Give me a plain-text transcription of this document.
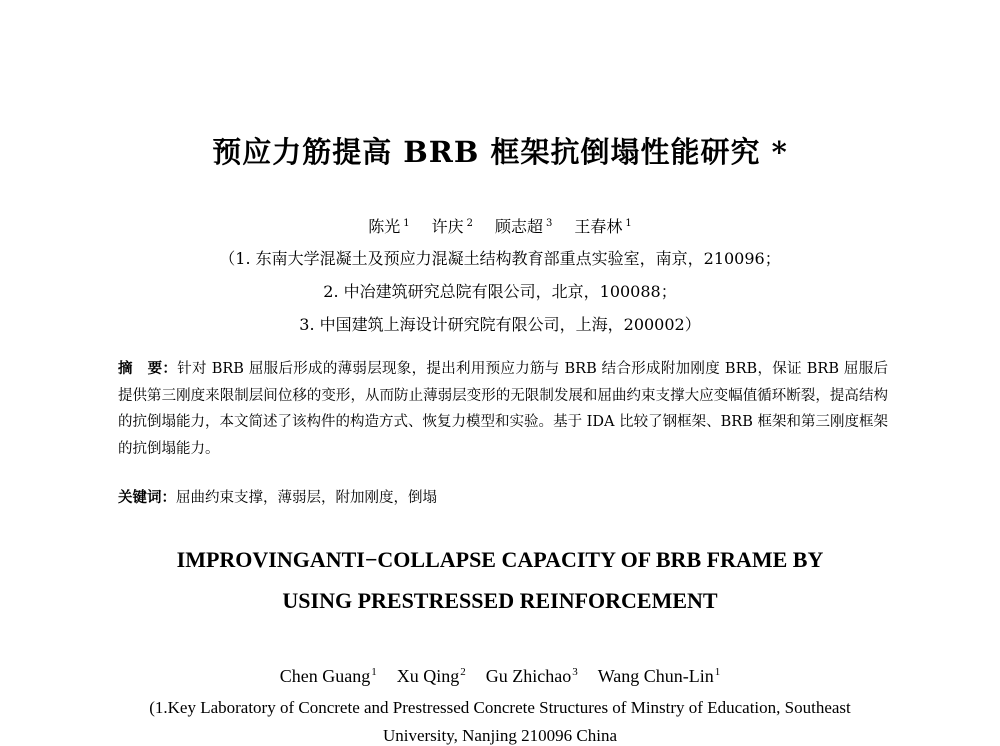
预应力筋提高 BRB 框架抗倒塌性能研究 *
陈光 $^1$ 许庆 $^2$ 顾志超 $^3$ 王春林 $^1$
（1. 东南大学混凝土及预应力混凝土结构教育部重点实验室，南京，210096；
2. 中冶建筑研究总院有限公司，北京，100088；
3. 中国建筑上海设计研究院有限公司，上海，200002）
摘　要：针对 BRB 屈服后形成的薄弱层现象，提出利用预应力筋与 BRB 结合形成附加刚度 BRB，保证 BRB 屈服后提供第三刚度来限制层间位移的变形，从而防止薄弱层变形的无限制发展和屈曲约束支撑大应变幅值循环断裂，提高结构的抗倒塌能力，本文简述了该构件的构造方式、恢复力模型和实验。基于 IDA 比较了钢框架、BRB 框架和第三刚度框架的抗倒塌能力。
关键词：屈曲约束支撑，薄弱层，附加刚度，倒塌
IMPROVINGANTI−COLLAPSE CAPACITY OF BRB FRAME BY
USING PRESTRESSED REINFORCEMENT
Chen Guang$^1$ Xu Qing$^2$ Gu Zhichao$^3$ Wang Chun-Lin$^1$
(1.Key Laboratory of Concrete and Prestressed Concrete Structures of Minstry of Education, Southeast
University, Nanjing 210096 China
